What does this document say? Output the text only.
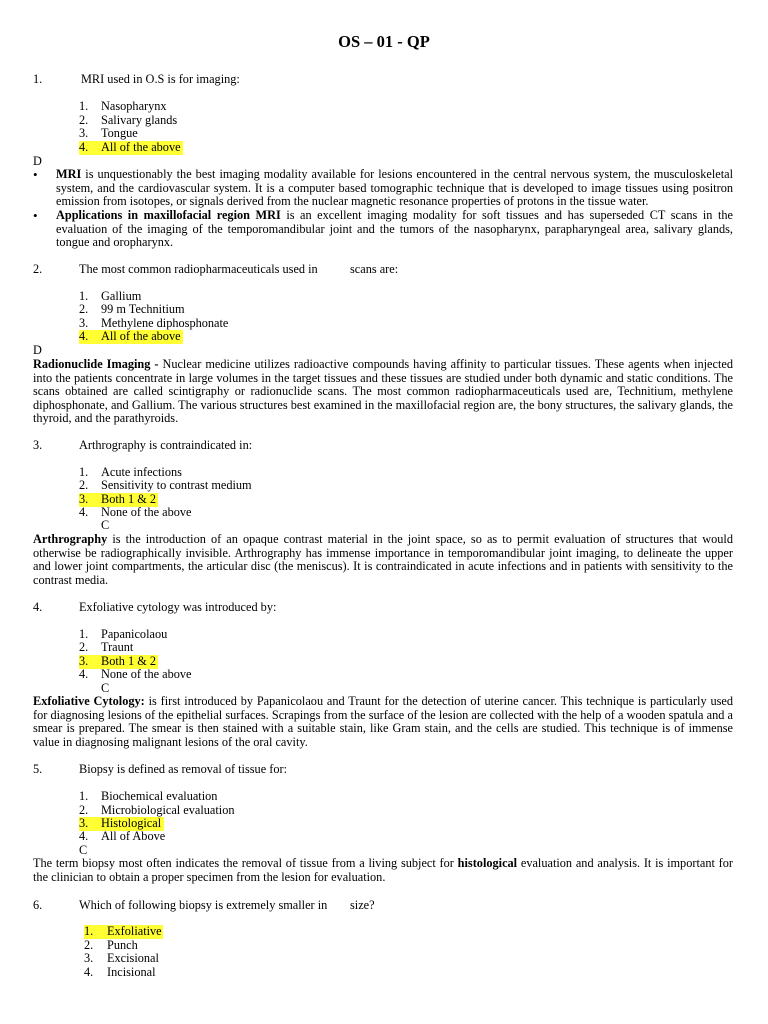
OS – 01 - QP
1.	MRI used in O.S is for imaging:
1. Nasopharynx
2. Salivary glands
3. Tongue
4. All of the above
D
• MRI is unquestionably the best imaging modality available for lesions encountered in the central nervous system, the musculoskeletal system, and the cardiovascular system. It is a computer based tomographic technique that is developed to image tissues using positron emission from isotopes, or signals derived from the nuclear magnetic resonance properties of protons in the tissue water.
• Applications in maxillofacial region MRI is an excellent imaging modality for soft tissues and has superseded CT scans in the evaluation of the imaging of the temporomandibular joint and the tumors of the nasopharynx, parapharyngeal area, salivary glands, tongue and oropharynx.
2.	The most common radiopharmaceuticals used in	scans are:
1. Gallium
2. 99 m Technitium
3. Methylene diphosphonate
4. All of the above
D
Radionuclide Imaging - Nuclear medicine utilizes radioactive compounds having affinity to particular tissues. These agents when injected into the patients concentrate in large volumes in the target tissues and these tissues are studied under both dynamic and static conditions. The scans obtained are called scintigraphy or radionuclide scans. The most common radiopharmaceuticals used are, Technitium, methylene diphosphonate, and Gallium. The various structures best examined in the maxillofacial region are, the bony structures, the salivary glands, the thyroid, and the parathyroids.
3.	Arthrography is contraindicated in:
1. Acute infections
2. Sensitivity to contrast medium
3. Both 1 & 2
4. None of the above
C
Arthrography is the introduction of an opaque contrast material in the joint space, so as to permit evaluation of structures that would otherwise be radiographically invisible. Arthrography has immense importance in temporomandibular joint imaging, to delineate the upper and lower joint compartments, the articular disc (the meniscus). It is contraindicated in acute infections and in patients with sensitivity to the contrast media.
4.	Exfoliative cytology was introduced by:
1. Papanicolaou
2. Traunt
3. Both 1 & 2
4. None of the above
C
Exfoliative Cytology: is first introduced by Papanicolaou and Traunt for the detection of uterine cancer. This technique is particularly used for diagnosing lesions of the epithelial surfaces. Scrapings from the surface of the lesion are collected with the help of a wooden spatula and a smear is prepared. The smear is then stained with a suitable stain, like Gram stain, and the cells are studied. This technique is of immense value in diagnosing malignant lesions of the oral cavity.
5.	Biopsy is defined as removal of tissue for:
1. Biochemical evaluation
2. Microbiological evaluation
3. Histological
4. All of Above
C
The term biopsy most often indicates the removal of tissue from a living subject for histological evaluation and analysis. It is important for the clinician to obtain a proper specimen from the lesion for evaluation.
6.	Which of following biopsy is extremely smaller in size?
1. Exfoliative
2. Punch
3. Excisional
4. Incisional
